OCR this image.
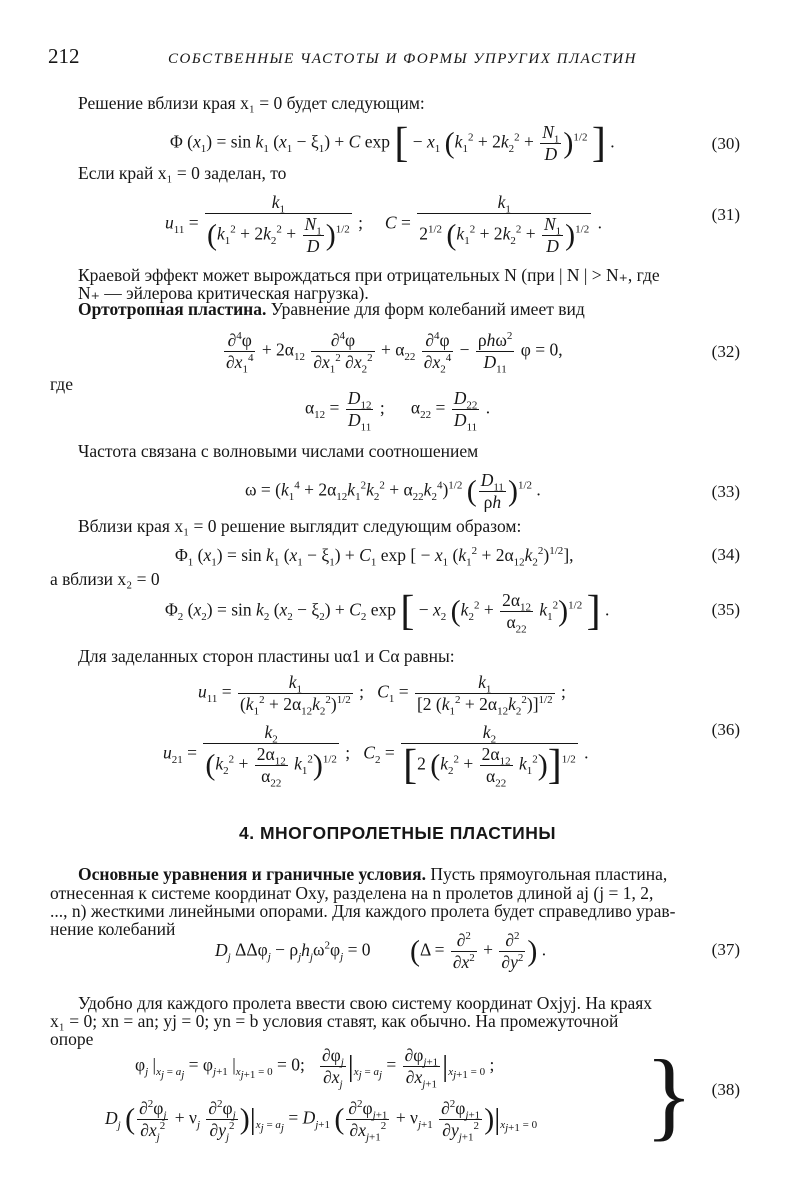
212	СОБСТВЕННЫЕ ЧАСТОТЫ И ФОРМЫ УПРУГИХ ПЛАСТИН
Решение вблизи края x₁ = 0 будет следующим:
Φ $(x_1) = \sin k_1$ $(x_1 - \xi_1) + C$ exp [ − $x_1$ $(k_1^2 + 2k_2^2 + \frac{N_1}{D} )^{1/2}$ ] .	(30)
Если край x₁ = 0 заделан, то
$u_{11} = \frac{k_1}{(k_1^2 + 2k_2^2 + \frac{N_1}{D} )^{1/2}}$ ;     $C = \frac{k_1}{2^{1/2} (k_1^2 + 2k_2^2 + \frac{N_1}{D} )^{1/2}}$ .	(31)
Краевой эффект может вырождаться при отрицательных N (при | N | > N₊, где
N₊ — эйлерова критическая нагрузка).
Ортотропная пластина. Уравнение для форм колебаний имеет вид
$\frac{\partial^4\varphi}{\partial x_1^4} + 2\alpha_{12} \frac{\partial^4\varphi}{\partial x_1^2 \partial x_2^2} + \alpha_{22} \frac{\partial^4\varphi}{\partial x_2^4} - \frac{\rho h\omega^2}{D_{11}}$ φ = 0,	(32)
где
$\alpha_{12} = \frac{D_{12}}{D_{11}}$ ;      $\alpha_{22} = \frac{D_{22}}{D_{11}}$ .
Частота связана с волновыми числами соотношением
$\omega = (k_1^4 + 2\alpha_{12}k_1^2k_2^2 + \alpha_{22}k_2^4)^{1/2}$ ( $\frac{D_{11}}{\rho h} )^{1/2}$ .	(33)
Вблизи края x₁ = 0 решение выглядит следующим образом:
$\Phi_1$ $(x_1) = \sin k_1$ $(x_1 - \xi_1) + C_1$ exp [ − $x_1$ $(k_1^2 + 2\alpha_{12}k_2^2)^{1/2}$],	(34)
а вблизи x₂ = 0
$\Phi_2$ $(x_2) = \sin k_2$ $(x_2 - \xi_2) + C_2$ exp [ − $x_2$ $(k_2^2 + \frac{2\alpha_{12}}{\alpha_{22}} k_1^2)^{1/2}$ ] .	(35)
Для заделанных сторон пластины uα1 и Cα равны:
$u_{11} = \frac{k_1}{(k_1^2 + 2\alpha_{12}k_2^2)^{1/2}}$ ;   $C_1 = \frac{k_1}{[2 (k_1^2 + 2\alpha_{12}k_2^2)]^{1/2}}$ ;
$u_{21} = \frac{k_2}{(k_2^2 + \frac{2\alpha_{12}}{\alpha_{22}} k_1^2)^{1/2}}$ ;   $C_2 = \frac{k_2}{[2 (k_2^2 + \frac{2\alpha_{12}}{\alpha_{22}} k_1^2)]^{1/2}}$ .
(36)
4. МНОГОПРОЛЕТНЫЕ ПЛАСТИНЫ
Основные уравнения и граничные условия. Пусть прямоугольная пластина,
отнесенная к системе координат Oxy, разделена на n пролетов длиной aj (j = 1, 2,
..., n) жесткими линейными опорами. Для каждого пролета будет справедливо урав-
нение колебаний
$D_j$ $\Delta\Delta\varphi_j - \rho_jh_j\omega^2\varphi_j = 0$         ($\Delta = \frac{\partial^2}{\partial x^2} + \frac{\partial^2}{\partial y^2}$ ) .	(37)
Удобно для каждого пролета ввести свою систему координат Oxjyj. На краях
x₁ = 0; xn = an; yj = 0; yn = b условия ставят, как обычно. На промежуточной
опоре
$\varphi_j$ $|_{x_j = a_j} = \varphi_{j+1}$ $|_{x_{j+1} = 0} = 0$; $\frac{\partial\varphi_j}{\partial x_j} |_{x_j = a_j} = \frac{\partial\varphi_{j+1}}{\partial x_{j+1}} |_{x_{j+1} = 0}$ ;
$D_j$ ( $\frac{\partial^2\varphi_j}{\partial x_j^2} + \nu_j \frac{\partial^2\varphi_j}{\partial y_j^2} )|_{x_j = a_j} = D_{j+1}$ ( $\frac{\partial^2\varphi_{j+1}}{\partial x_{j+1}^2} + \nu_{j+1} \frac{\partial^2\varphi_{j+1}}{\partial y_{j+1}^2} )|_{x_{j+1} = 0}$ } (38)
